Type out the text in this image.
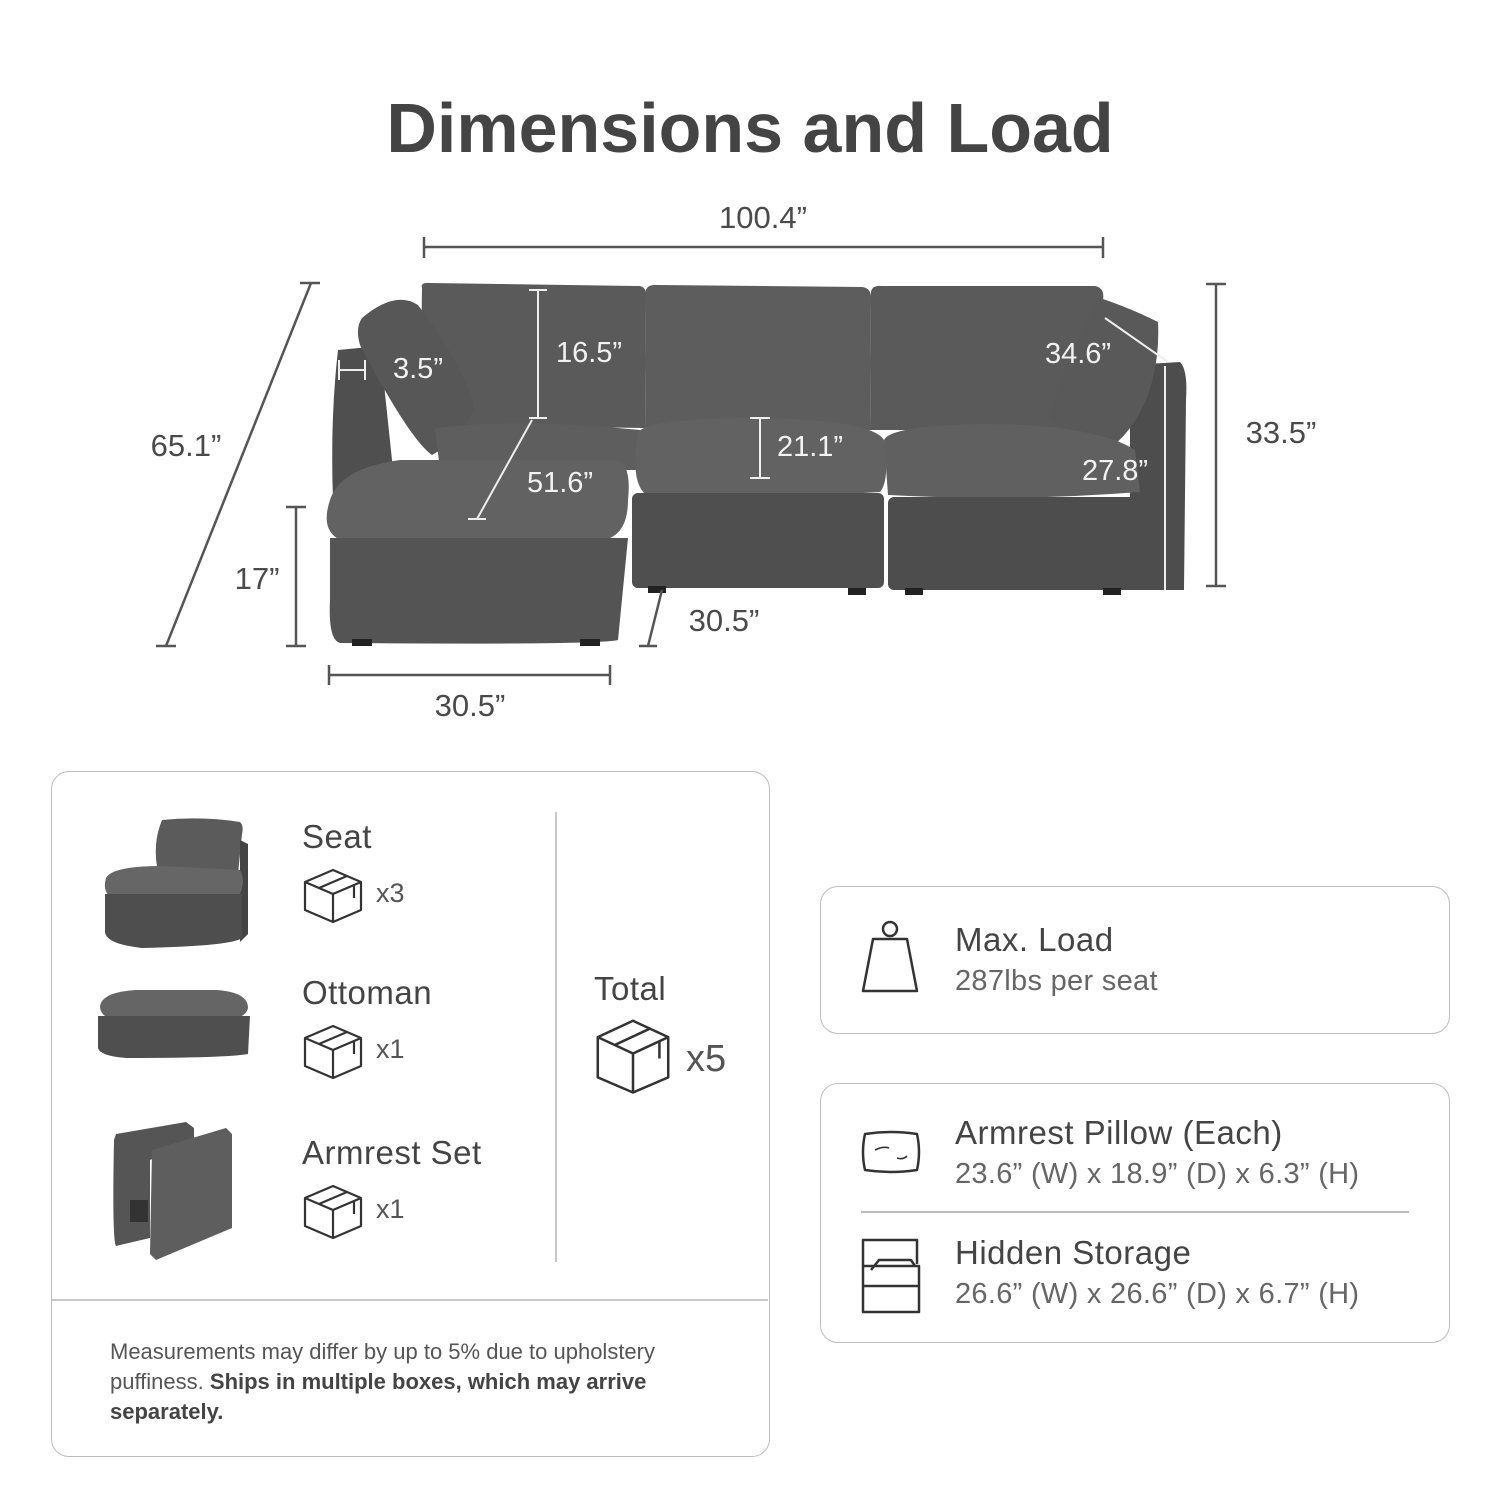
Dimensions and Load
100.4”
65.1”	33.5”
3.5”	16.5”
21.1”
34.6”
27.8”
51.6”
17”
30.5”
30.5”
Seat
x3
Ottoman
x1
Armrest Set
x1
Total
x5
Measurements may differ by up to 5% due to upholstery puffiness. Ships in multiple boxes, which may arrive separately.
Max. Load
287lbs per seat
Armrest Pillow (Each)
23.6” (W) x 18.9” (D) x 6.3” (H)
Hidden Storage
26.6” (W) x 26.6” (D) x 6.7” (H)
